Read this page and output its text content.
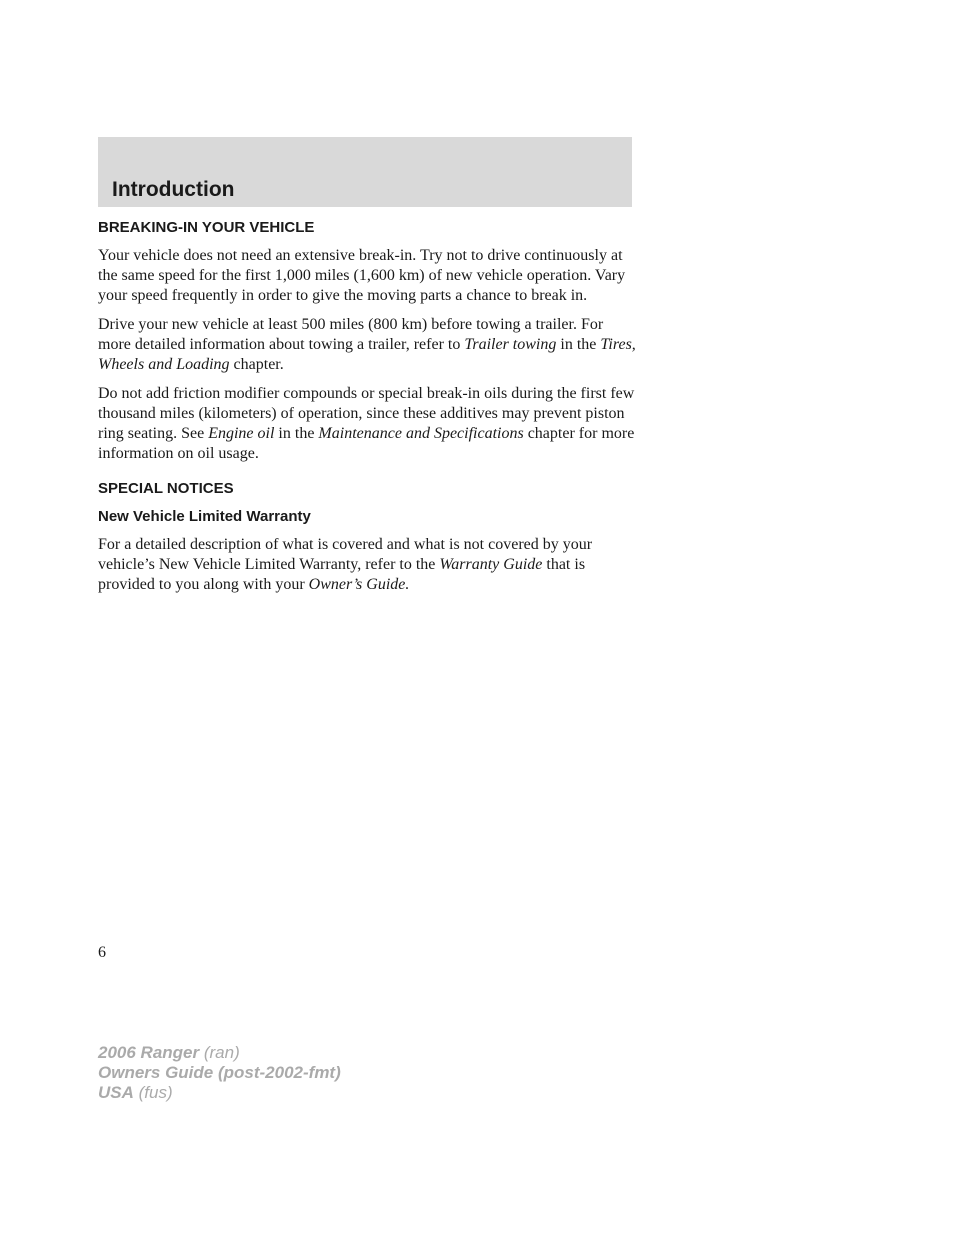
Introduction
BREAKING-IN YOUR VEHICLE

Your vehicle does not need an extensive break-in. Try not to drive continuously at the same speed for the first 1,000 miles (1,600 km) of new vehicle operation. Vary your speed frequently in order to give the moving parts a chance to break in.

Drive your new vehicle at least 500 miles (800 km) before towing a trailer. For more detailed information about towing a trailer, refer to Trailer towing in the Tires, Wheels and Loading chapter.

Do not add friction modifier compounds or special break-in oils during the first few thousand miles (kilometers) of operation, since these additives may prevent piston ring seating. See Engine oil in the Maintenance and Specifications chapter for more information on oil usage.

SPECIAL NOTICES
New Vehicle Limited Warranty

For a detailed description of what is covered and what is not covered by your vehicle’s New Vehicle Limited Warranty, refer to the Warranty Guide that is provided to you along with your Owner’s Guide.

6
2006 Ranger (ran)
Owners Guide (post-2002-fmt)
USA (fus)
